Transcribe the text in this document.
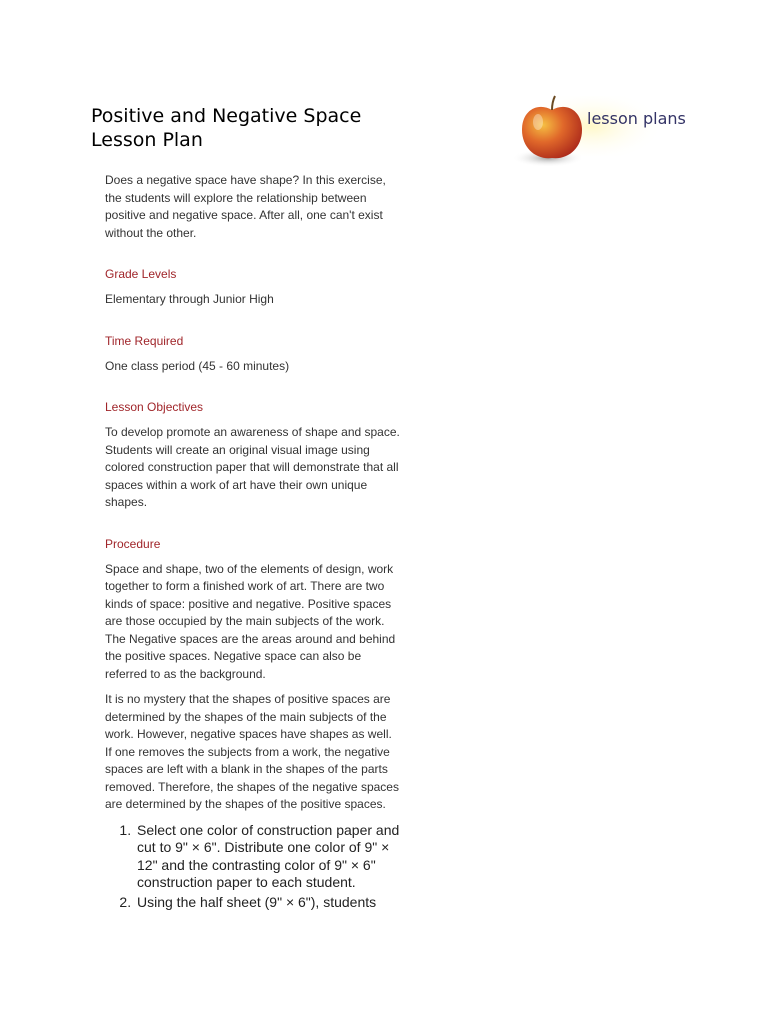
Positive and Negative Space
Lesson Plan
lesson plans

Does a negative space have shape? In this exercise, the students will explore the relationship between positive and negative space. After all, one can't exist without the other.

Grade Levels

Elementary through Junior High

Time Required

One class period (45 - 60 minutes)

Lesson Objectives

To develop promote an awareness of shape and space. Students will create an original visual image using colored construction paper that will demonstrate that all spaces within a work of art have their own unique shapes.

Procedure

Space and shape, two of the elements of design, work together to form a finished work of art. There are two kinds of space: positive and negative. Positive spaces are those occupied by the main subjects of the work. The Negative spaces are the areas around and behind the positive spaces. Negative space can also be referred to as the background.

It is no mystery that the shapes of positive spaces are determined by the shapes of the main subjects of the work. However, negative spaces have shapes as well. If one removes the subjects from a work, the negative spaces are left with a blank in the shapes of the parts removed. Therefore, the shapes of the negative spaces are determined by the shapes of the positive spaces.

1. Select one color of construction paper and cut to 9" × 6". Distribute one color of 9" × 12" and the contrasting color of 9" × 6" construction paper to each student.
2. Using the half sheet (9" × 6"), students
